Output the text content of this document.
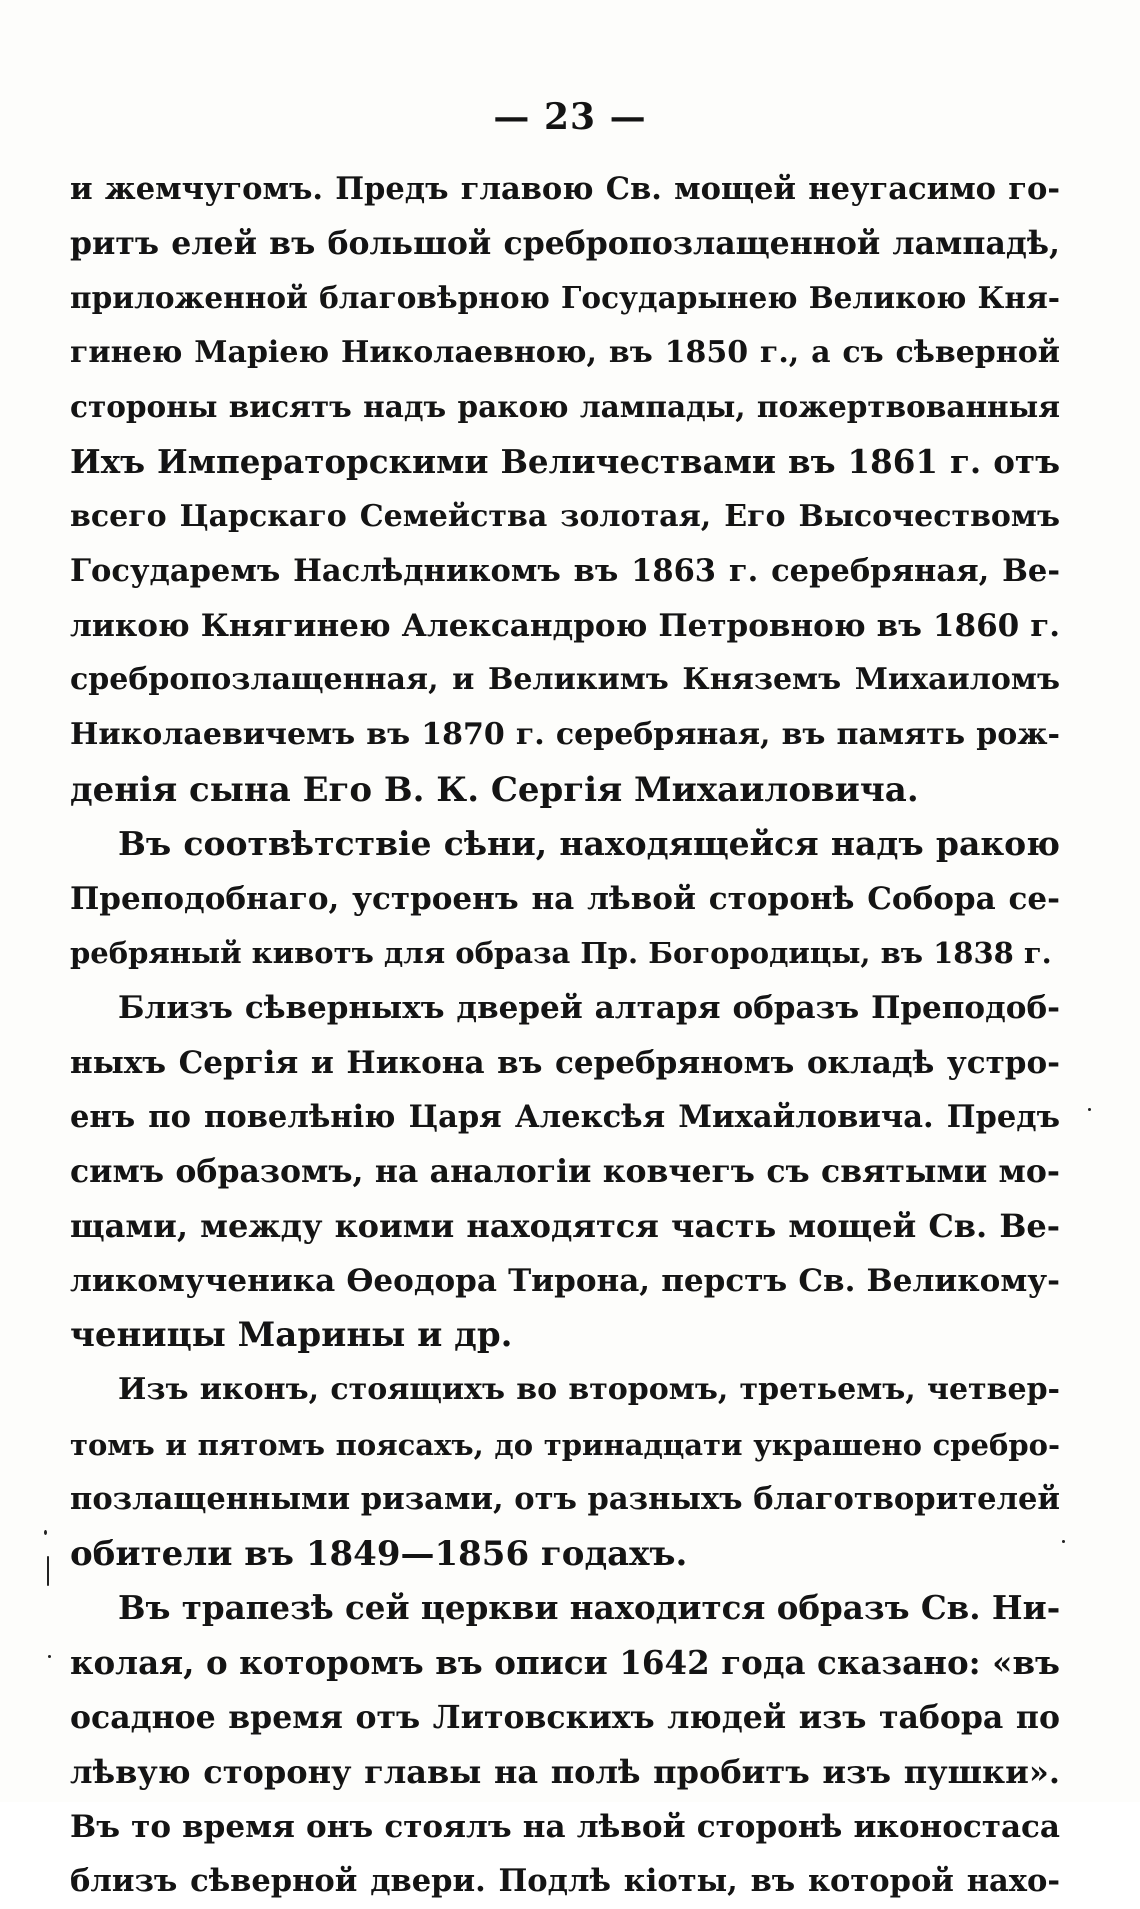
— 23 —
и жемчугомъ. Предъ главою Св. мощей неугасимо го-
ритъ елей въ большой сребропозлащенной лампадѣ,
приложенной благовѣрною Государынею Великою Кня-
гинею Маріею Николаевною, въ 1850 г., а съ сѣверной
стороны висятъ надъ ракою лампады, пожертвованныя
Ихъ Императорскими Величествами въ 1861 г. отъ
всего Царскаго Семейства золотая, Его Высочествомъ
Государемъ Наслѣдникомъ въ 1863 г. серебряная, Ве-
ликою Княгинею Александрою Петровною въ 1860 г.
сребропозлащенная, и Великимъ Княземъ Михаиломъ
Николаевичемъ въ 1870 г. серебряная, въ память рож-
денія сына Его В. К. Сергія Михаиловича.
Въ соотвѣтствіе сѣни, находящейся надъ ракою
Преподобнаго, устроенъ на лѣвой сторонѣ Собора се-
ребряный кивотъ для образа Пр. Богородицы, въ 1838 г.
Близъ сѣверныхъ дверей алтаря образъ Преподоб-
ныхъ Сергія и Никона въ серебряномъ окладѣ устро-
енъ по повелѣнію Царя Алексѣя Михайловича. Предъ
симъ образомъ, на аналогіи ковчегъ съ святыми мо-
щами, между коими находятся часть мощей Св. Ве-
ликомученика Ѳеодора Тирона, перстъ Св. Великому-
ченицы Марины и др.
Изъ иконъ, стоящихъ во второмъ, третьемъ, четвер-
томъ и пятомъ поясахъ, до тринадцати украшено сребро-
позлащенными ризами, отъ разныхъ благотворителей
обители въ 1849—1856 годахъ.
Въ трапезѣ сей церкви находится образъ Св. Ни-
колая, о которомъ въ описи 1642 года сказано: «въ
осадное время отъ Литовскихъ людей изъ табора по
лѣвую сторону главы на полѣ пробитъ изъ пушки».
Въ то время онъ стоялъ на лѣвой сторонѣ иконостаса
близъ сѣверной двери. Подлѣ кіоты, въ которой нахо-
